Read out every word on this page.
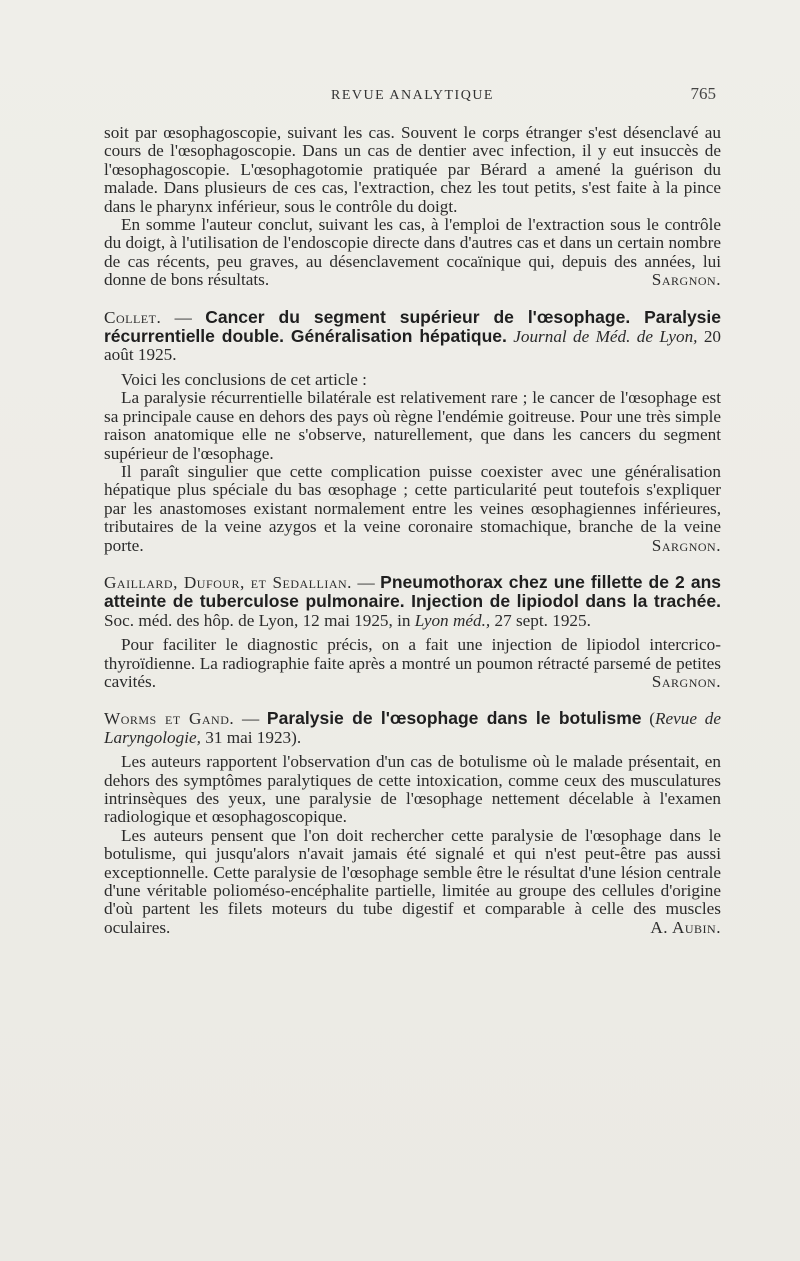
REVUE ANALYTIQUE	765

soit par œsophagoscopie, suivant les cas. Souvent le corps étranger s'est désenclavé au cours de l'œsophagoscopie. Dans un cas de dentier avec infection, il y eut insuccès de l'œsophagoscopie. L'œsophagotomie pratiquée par Bérard a amené la guérison du malade. Dans plusieurs de ces cas, l'extraction, chez les tout petits, s'est faite à la pince dans le pharynx inférieur, sous le contrôle du doigt.

En somme l'auteur conclut, suivant les cas, à l'emploi de l'extraction sous le contrôle du doigt, à l'utilisation de l'endoscopie directe dans d'autres cas et dans un certain nombre de cas récents, peu graves, au désenclavement cocaïnique qui, depuis des années, lui donne de bons résultats.	Sargnon.

Collet. — Cancer du segment supérieur de l'œsophage. Paralysie récurrentielle double. Généralisation hépatique. Journal de Méd. de Lyon, 20 août 1925.

Voici les conclusions de cet article :

La paralysie récurrentielle bilatérale est relativement rare ; le cancer de l'œsophage est sa principale cause en dehors des pays où règne l'endémie goitreuse. Pour une très simple raison anatomique elle ne s'observe, naturellement, que dans les cancers du segment supérieur de l'œsophage.

Il paraît singulier que cette complication puisse coexister avec une généralisation hépatique plus spéciale du bas œsophage ; cette particularité peut toutefois s'expliquer par les anastomoses existant normalement entre les veines œsophagiennes inférieures, tributaires de la veine azygos et la veine coronaire stomachique, branche de la veine porte.	Sargnon.

Gaillard, Dufour, et Sedallian. — Pneumothorax chez une fillette de 2 ans atteinte de tuberculose pulmonaire. Injection de lipiodol dans la trachée. Soc. méd. des hôp. de Lyon, 12 mai 1925, in Lyon méd., 27 sept. 1925.

Pour faciliter le diagnostic précis, on a fait une injection de lipiodol intercrico-thyroïdienne. La radiographie faite après a montré un poumon rétracté parsemé de petites cavités.	Sargnon.

Worms et Gand. — Paralysie de l'œsophage dans le botulisme (Revue de Laryngologie, 31 mai 1923).

Les auteurs rapportent l'observation d'un cas de botulisme où le malade présentait, en dehors des symptômes paralytiques de cette intoxication, comme ceux des musculatures intrinsèques des yeux, une paralysie de l'œsophage nettement décelable à l'examen radiologique et œsophagoscopique.

Les auteurs pensent que l'on doit rechercher cette paralysie de l'œsophage dans le botulisme, qui jusqu'alors n'avait jamais été signalé et qui n'est peut-être pas aussi exceptionnelle. Cette paralysie de l'œsophage semble être le résultat d'une lésion centrale d'une véritable polioméso-encéphalite partielle, limitée au groupe des cellules d'origine d'où partent les filets moteurs du tube digestif et comparable à celle des muscles oculaires.	A. Aubin.
